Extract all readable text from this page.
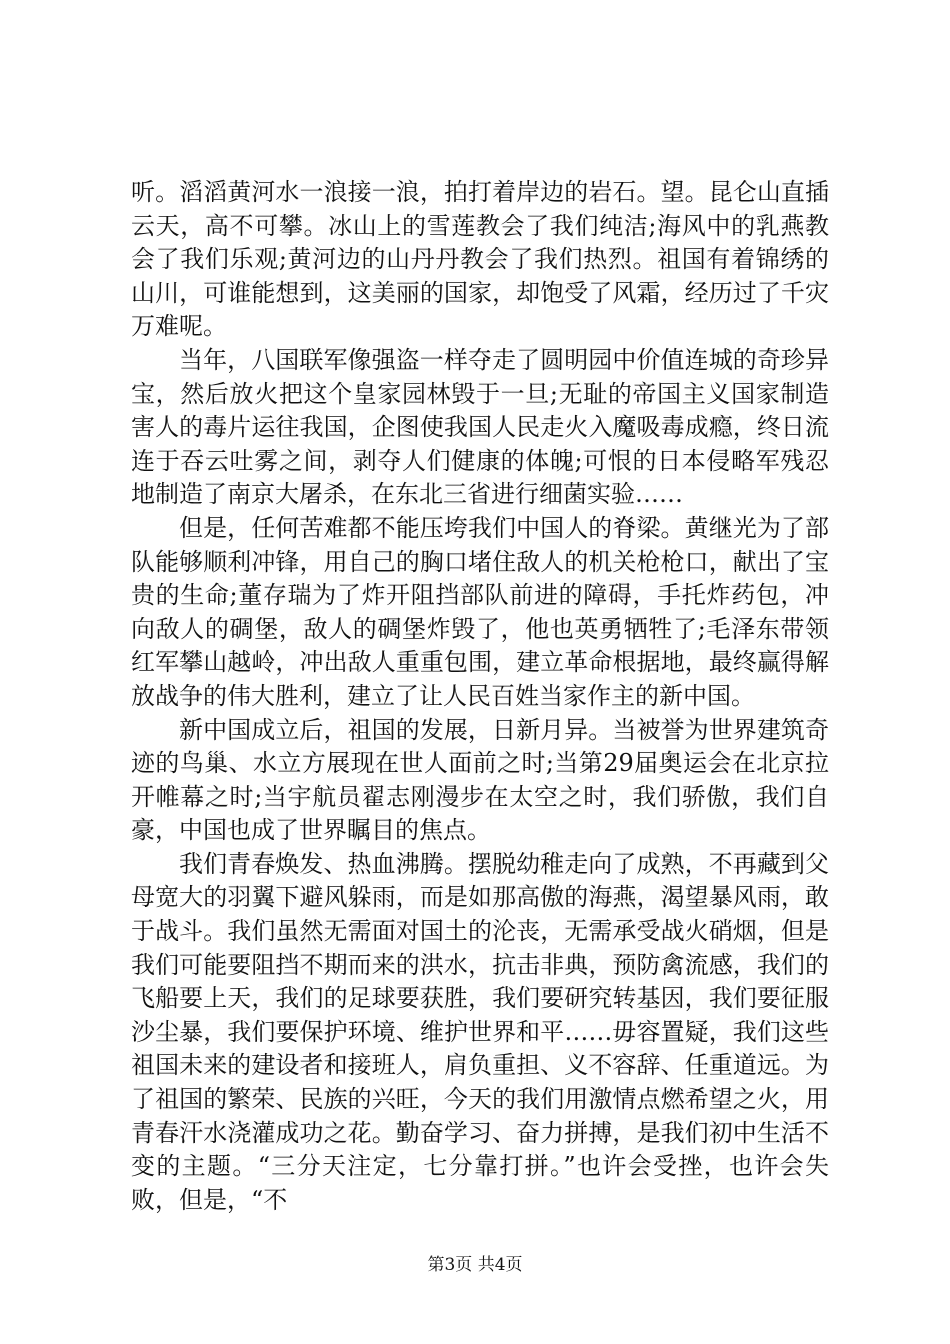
听。滔滔黄河水一浪接一浪，拍打着岸边的岩石。望。昆仑山直插云天，高不可攀。冰山上的雪莲教会了我们纯洁;海风中的乳燕教会了我们乐观;黄河边的山丹丹教会了我们热烈。祖国有着锦绣的山川，可谁能想到，这美丽的国家，却饱受了风霜，经历过了千灾万难呢。

当年，八国联军像强盗一样夺走了圆明园中价值连城的奇珍异宝，然后放火把这个皇家园林毁于一旦;无耻的帝国主义国家制造害人的毒片运往我国，企图使我国人民走火入魔吸毒成瘾，终日流连于吞云吐雾之间，剥夺人们健康的体魄;可恨的日本侵略军残忍地制造了南京大屠杀，在东北三省进行细菌实验……

但是，任何苦难都不能压垮我们中国人的脊梁。黄继光为了部队能够顺利冲锋，用自己的胸口堵住敌人的机关枪枪口，献出了宝贵的生命;董存瑞为了炸开阻挡部队前进的障碍，手托炸药包，冲向敌人的碉堡，敌人的碉堡炸毁了，他也英勇牺牲了;毛泽东带领红军攀山越岭，冲出敌人重重包围，建立革命根据地，最终赢得解放战争的伟大胜利，建立了让人民百姓当家作主的新中国。

新中国成立后，祖国的发展，日新月异。当被誉为世界建筑奇迹的鸟巢、水立方展现在世人面前之时;当第29届奥运会在北京拉开帷幕之时;当宇航员翟志刚漫步在太空之时，我们骄傲，我们自豪，中国也成了世界瞩目的焦点。

我们青春焕发、热血沸腾。摆脱幼稚走向了成熟，不再藏到父母宽大的羽翼下避风躲雨，而是如那高傲的海燕，渴望暴风雨，敢于战斗。我们虽然无需面对国土的沦丧，无需承受战火硝烟，但是我们可能要阻挡不期而来的洪水，抗击非典，预防禽流感，我们的飞船要上天，我们的足球要获胜，我们要研究转基因，我们要征服沙尘暴，我们要保护环境、维护世界和平……毋容置疑，我们这些祖国未来的建设者和接班人，肩负重担、义不容辞、任重道远。为了祖国的繁荣、民族的兴旺，今天的我们用激情点燃希望之火，用青春汗水浇灌成功之花。勤奋学习、奋力拼搏，是我们初中生活不变的主题。“三分天注定，七分靠打拼。”也许会受挫，也许会失败，但是，“不

第3页 共4页
